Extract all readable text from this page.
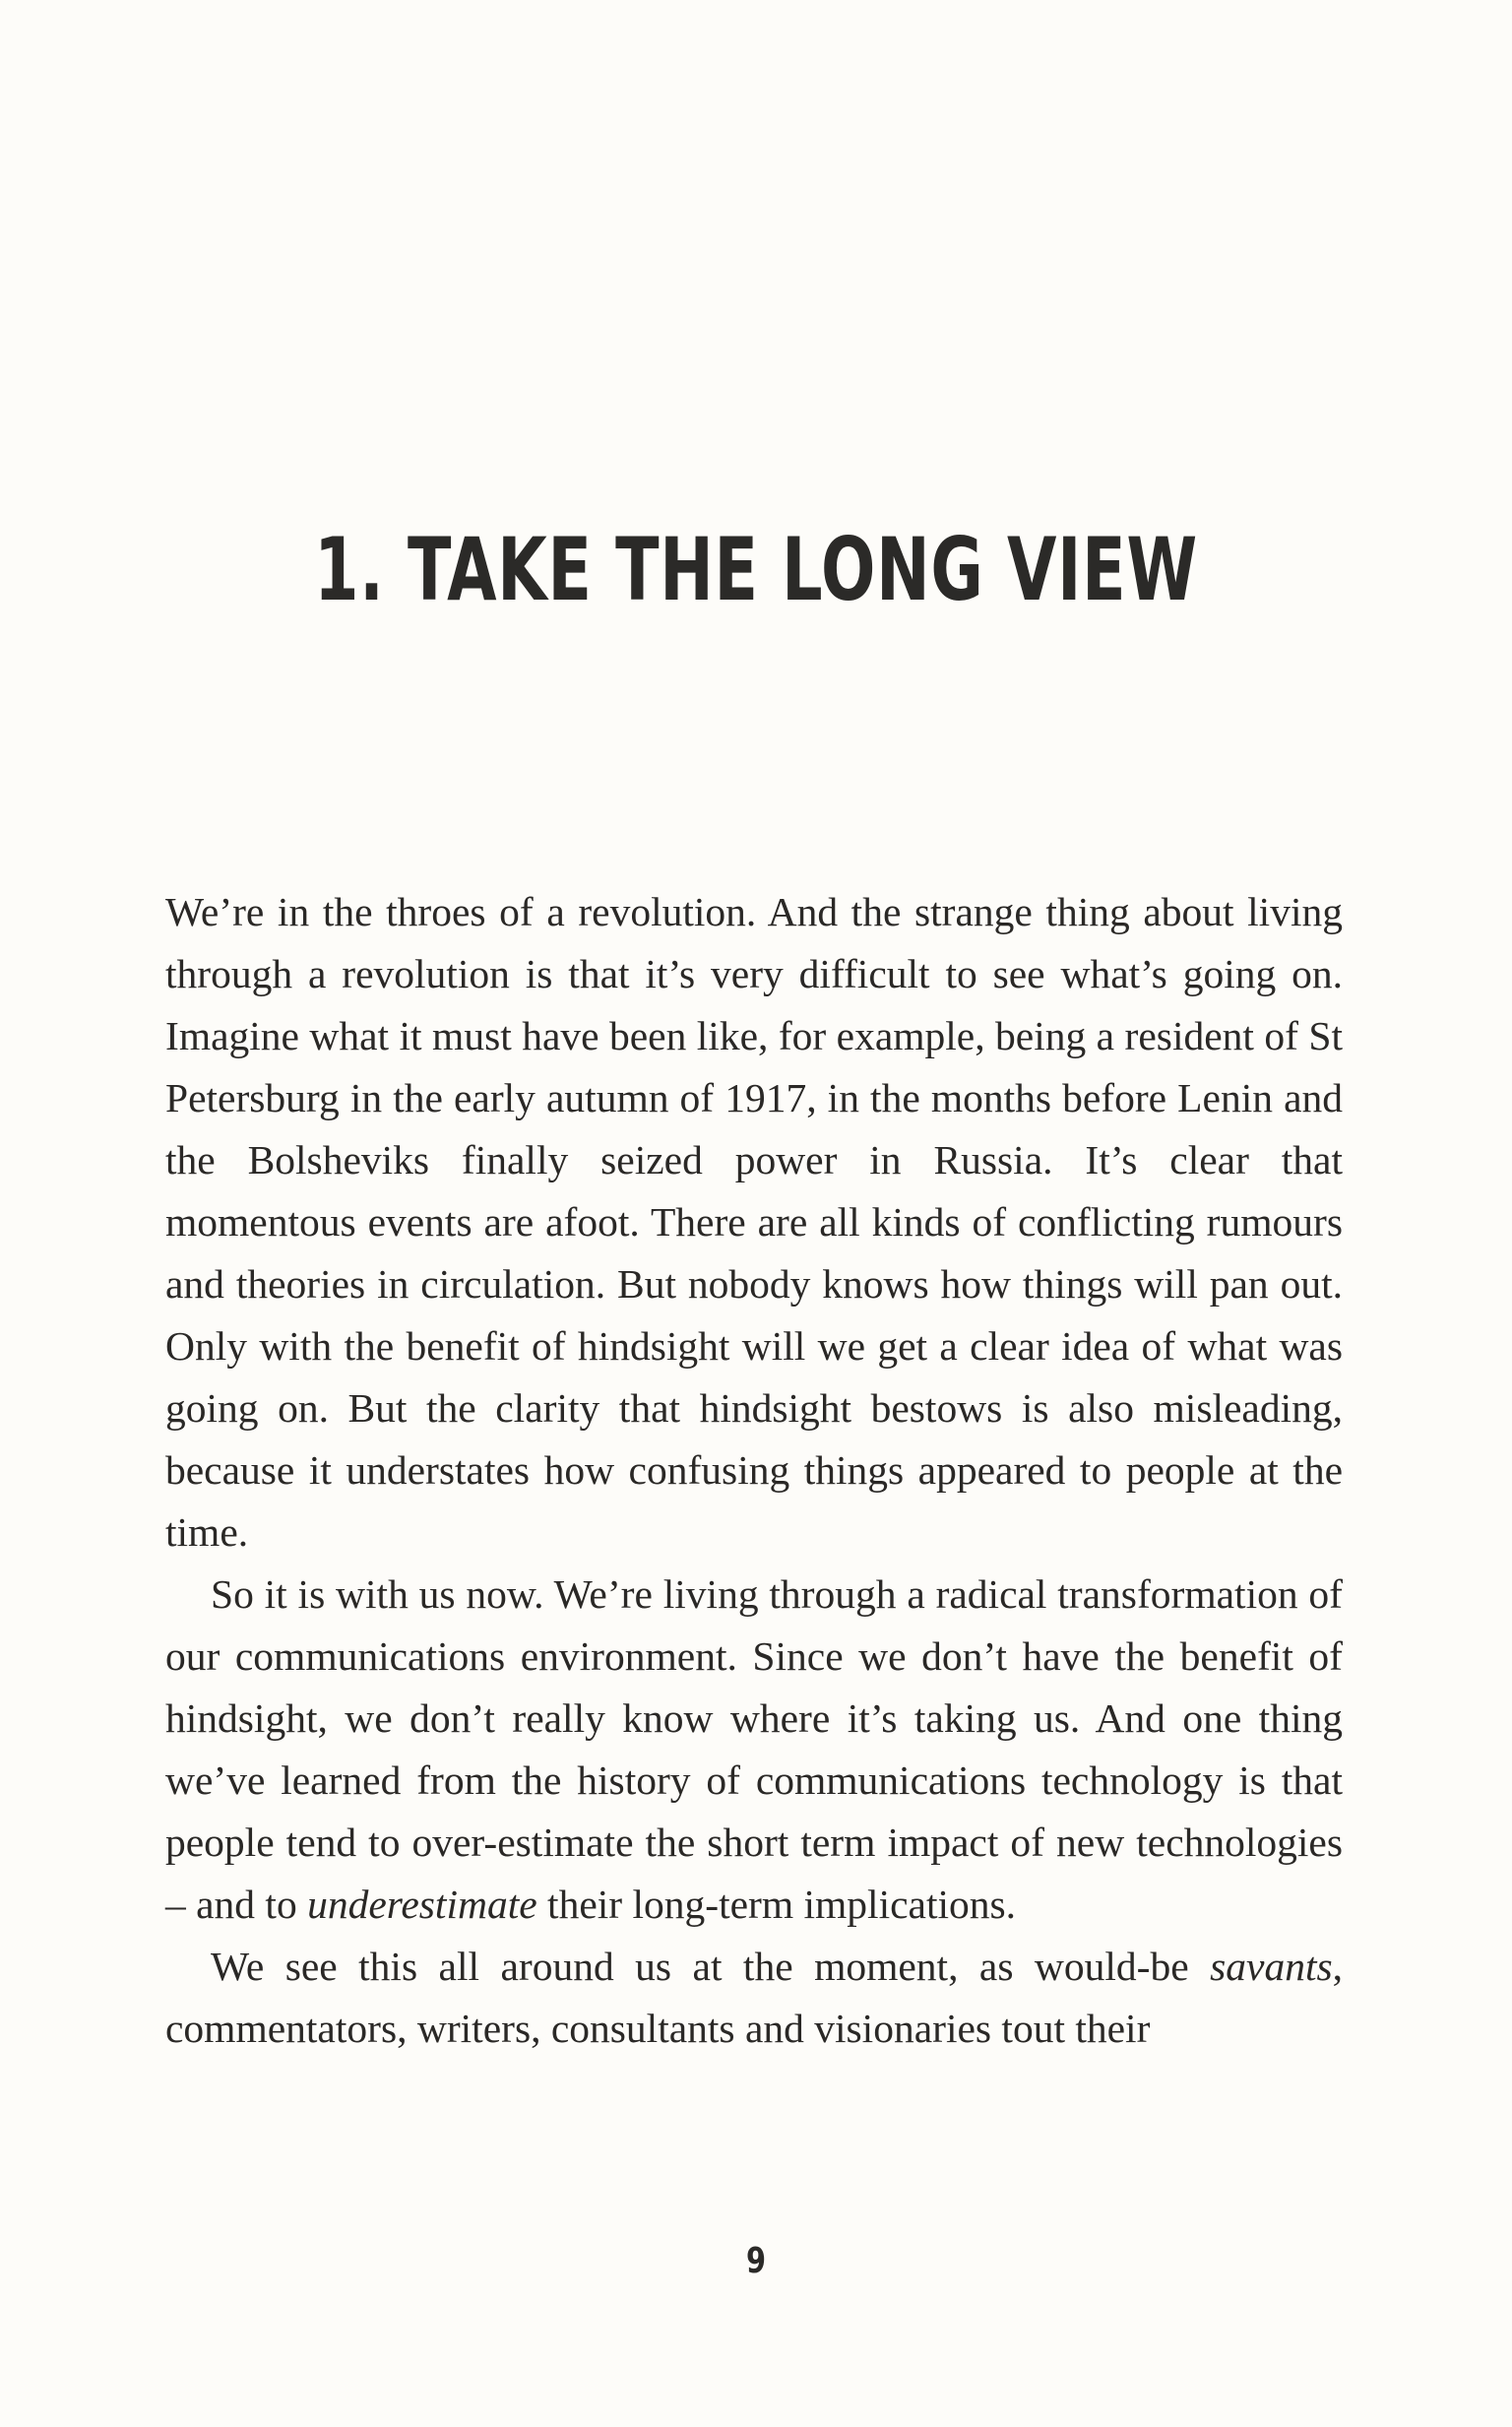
1. TAKE THE LONG VIEW

We’re in the throes of a revolution. And the strange thing about living through a revolution is that it’s very difficult to see what’s going on. Imagine what it must have been like, for example, being a resident of St Petersburg in the early autumn of 1917, in the months before Lenin and the Bolsheviks finally seized power in Russia. It’s clear that momentous events are afoot. There are all kinds of conflicting rumours and theories in circulation. But nobody knows how things will pan out. Only with the benefit of hindsight will we get a clear idea of what was going on. But the clarity that hindsight bestows is also misleading, because it understates how confusing things appeared to people at the time.

So it is with us now. We’re living through a radical transformation of our communications environment. Since we don’t have the benefit of hindsight, we don’t really know where it’s taking us. And one thing we’ve learned from the history of communications technology is that people tend to over-estimate the short term impact of new technologies – and to underestimate their long-term implications.

We see this all around us at the moment, as would-be savants, commentators, writers, consultants and visionaries tout their

9
